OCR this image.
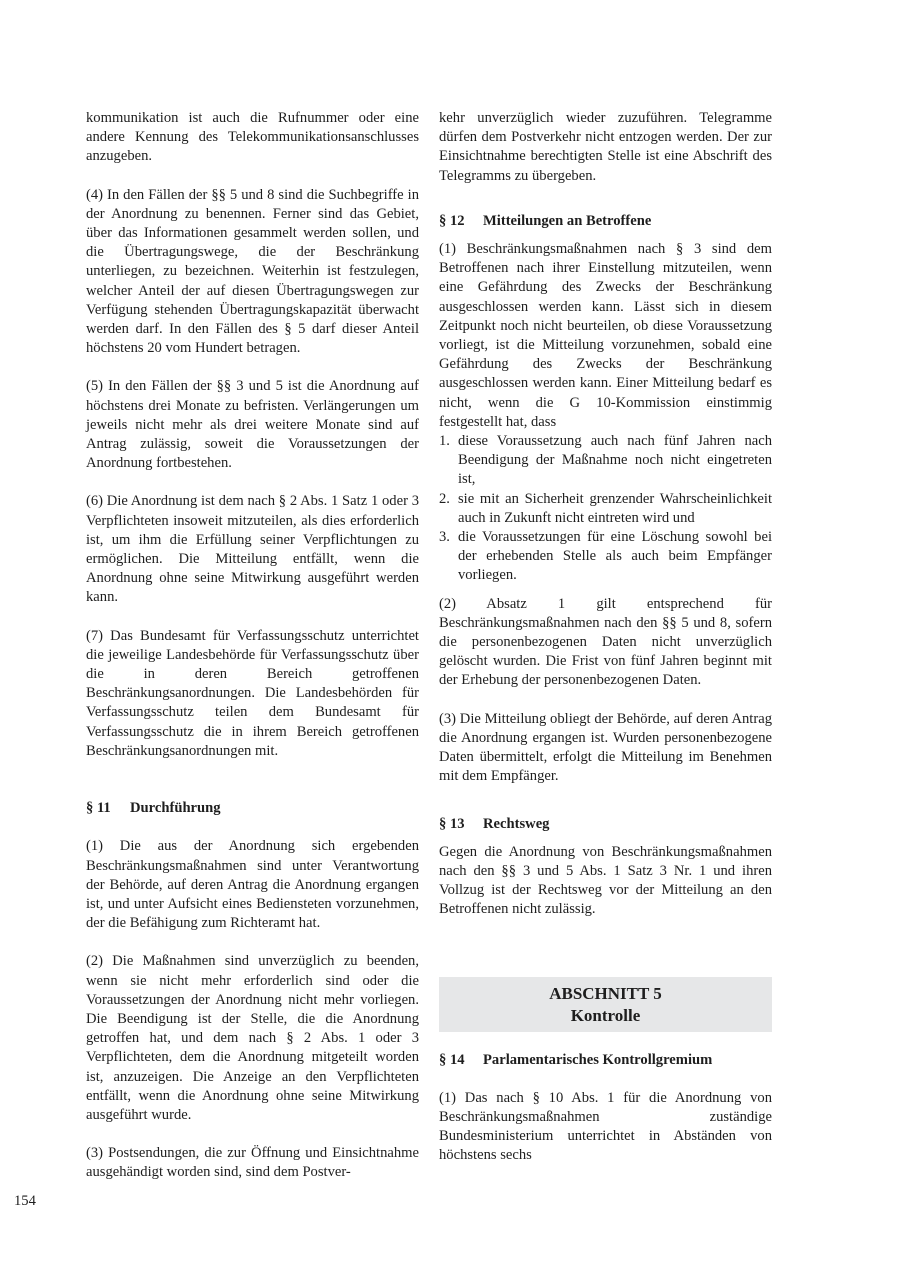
kommunikation ist auch die Rufnummer oder eine andere Kennung des Telekommunikationsanschlusses anzugeben.

(4) In den Fällen der §§ 5 und 8 sind die Suchbegriffe in der Anordnung zu benennen. Ferner sind das Gebiet, über das Informationen gesammelt werden sollen, und die Übertragungswege, die der Beschränkung unterliegen, zu bezeichnen. Weiterhin ist festzulegen, welcher Anteil der auf diesen Übertragungswegen zur Verfügung stehenden Übertragungskapazität überwacht werden darf. In den Fällen des § 5 darf dieser Anteil höchstens 20 vom Hundert betragen.

(5) In den Fällen der §§ 3 und 5 ist die Anordnung auf höchstens drei Monate zu befristen. Verlängerungen um jeweils nicht mehr als drei weitere Monate sind auf Antrag zulässig, soweit die Voraussetzungen der Anordnung fortbestehen.

(6) Die Anordnung ist dem nach § 2 Abs. 1 Satz 1 oder 3 Verpflichteten insoweit mitzuteilen, als dies erforderlich ist, um ihm die Erfüllung seiner Verpflichtungen zu ermöglichen. Die Mitteilung entfällt, wenn die Anordnung ohne seine Mitwirkung ausgeführt werden kann.

(7) Das Bundesamt für Verfassungsschutz unterrichtet die jeweilige Landesbehörde für Verfassungsschutz über die in deren Bereich getroffenen Beschränkungsanordnungen. Die Landesbehörden für Verfassungsschutz teilen dem Bundesamt für Verfassungsschutz die in ihrem Bereich getroffenen Beschränkungsanordnungen mit.

§ 11 Durchführung

(1) Die aus der Anordnung sich ergebenden Beschränkungsmaßnahmen sind unter Verantwortung der Behörde, auf deren Antrag die Anordnung ergangen ist, und unter Aufsicht eines Bediensteten vorzunehmen, der die Befähigung zum Richteramt hat.

(2) Die Maßnahmen sind unverzüglich zu beenden, wenn sie nicht mehr erforderlich sind oder die Voraussetzungen der Anordnung nicht mehr vorliegen. Die Beendigung ist der Stelle, die die Anordnung getroffen hat, und dem nach § 2 Abs. 1 oder 3 Verpflichteten, dem die Anordnung mitgeteilt worden ist, anzuzeigen. Die Anzeige an den Verpflichteten entfällt, wenn die Anordnung ohne seine Mitwirkung ausgeführt wurde.

(3) Postsendungen, die zur Öffnung und Einsichtnahme ausgehändigt worden sind, sind dem Postver-

kehr unverzüglich wieder zuzuführen. Telegramme dürfen dem Postverkehr nicht entzogen werden. Der zur Einsichtnahme berechtigten Stelle ist eine Abschrift des Telegramms zu übergeben.

§ 12 Mitteilungen an Betroffene

(1) Beschränkungsmaßnahmen nach § 3 sind dem Betroffenen nach ihrer Einstellung mitzuteilen, wenn eine Gefährdung des Zwecks der Beschränkung ausgeschlossen werden kann. Lässt sich in diesem Zeitpunkt noch nicht beurteilen, ob diese Voraussetzung vorliegt, ist die Mitteilung vorzunehmen, sobald eine Gefährdung des Zwecks der Beschränkung ausgeschlossen werden kann. Einer Mitteilung bedarf es nicht, wenn die G 10-Kommission einstimmig festgestellt hat, dass

1. diese Voraussetzung auch nach fünf Jahren nach Beendigung der Maßnahme noch nicht eingetreten ist,
2. sie mit an Sicherheit grenzender Wahrscheinlichkeit auch in Zukunft nicht eintreten wird und
3. die Voraussetzungen für eine Löschung sowohl bei der erhebenden Stelle als auch beim Empfänger vorliegen.

(2) Absatz 1 gilt entsprechend für Beschränkungsmaßnahmen nach den §§ 5 und 8, sofern die personenbezogenen Daten nicht unverzüglich gelöscht wurden. Die Frist von fünf Jahren beginnt mit der Erhebung der personenbezogenen Daten.

(3) Die Mitteilung obliegt der Behörde, auf deren Antrag die Anordnung ergangen ist. Wurden personenbezogene Daten übermittelt, erfolgt die Mitteilung im Benehmen mit dem Empfänger.

§ 13 Rechtsweg

Gegen die Anordnung von Beschränkungsmaßnahmen nach den §§ 3 und 5 Abs. 1 Satz 3 Nr. 1 und ihren Vollzug ist der Rechtsweg vor der Mitteilung an den Betroffenen nicht zulässig.

ABSCHNITT 5
Kontrolle
§ 14 Parlamentarisches Kontrollgremium

(1) Das nach § 10 Abs. 1 für die Anordnung von Beschränkungsmaßnahmen zuständige Bundesministerium unterrichtet in Abständen von höchstens sechs

154
